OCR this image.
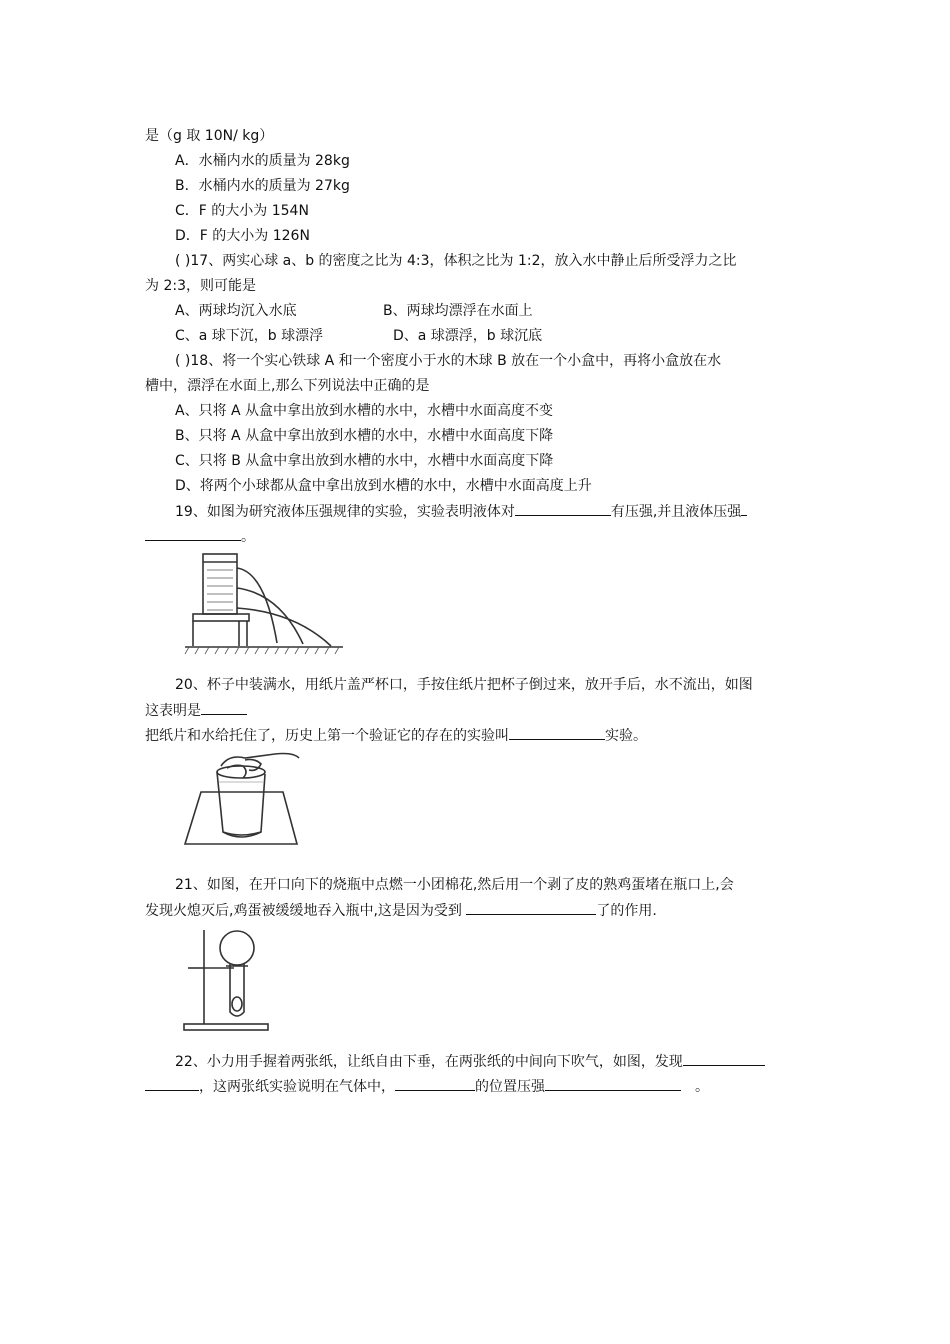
是（g 取 10N/ kg）
A．水桶内水的质量为 28kg
B．水桶内水的质量为 27kg
C．F 的大小为 154N
D．F 的大小为 126N
( )17、两实心球 a、b 的密度之比为 4:3，体积之比为 1:2，放入水中静止后所受浮力之比
为 2:3，则可能是
A、两球均沉入水底	B、两球均漂浮在水面上
C、a 球下沉，b 球漂浮	D、a 球漂浮，b 球沉底
( )18、将一个实心铁球 A 和一个密度小于水的木球 B 放在一个小盒中，再将小盒放在水
槽中，漂浮在水面上,那么下列说法中正确的是
A、只将 A 从盒中拿出放到水槽的水中，水槽中水面高度不变
B、只将 A 从盒中拿出放到水槽的水中，水槽中水面高度下降
C、只将 B 从盒中拿出放到水槽的水中，水槽中水面高度下降
D、将两个小球都从盒中拿出放到水槽的水中，水槽中水面高度上升
19、如图为研究液体压强规律的实验，实验表明液体对	有压强,并且液体压强
。
20、杯子中装满水，用纸片盖严杯口，手按住纸片把杯子倒过来，放开手后，水不流出，如图
这表明是
把纸片和水给托住了，历史上第一个验证它的存在的实验叫	实验。
21、如图，在开口向下的烧瓶中点燃一小团棉花,然后用一个剥了皮的熟鸡蛋堵在瓶口上,会
发现火熄灭后,鸡蛋被缓缓地吞入瓶中,这是因为受到	了的作用.
22、小力用手握着两张纸，让纸自由下垂，在两张纸的中间向下吹气，如图，发现
，这两张纸实验说明在气体中，	的位置压强	。
